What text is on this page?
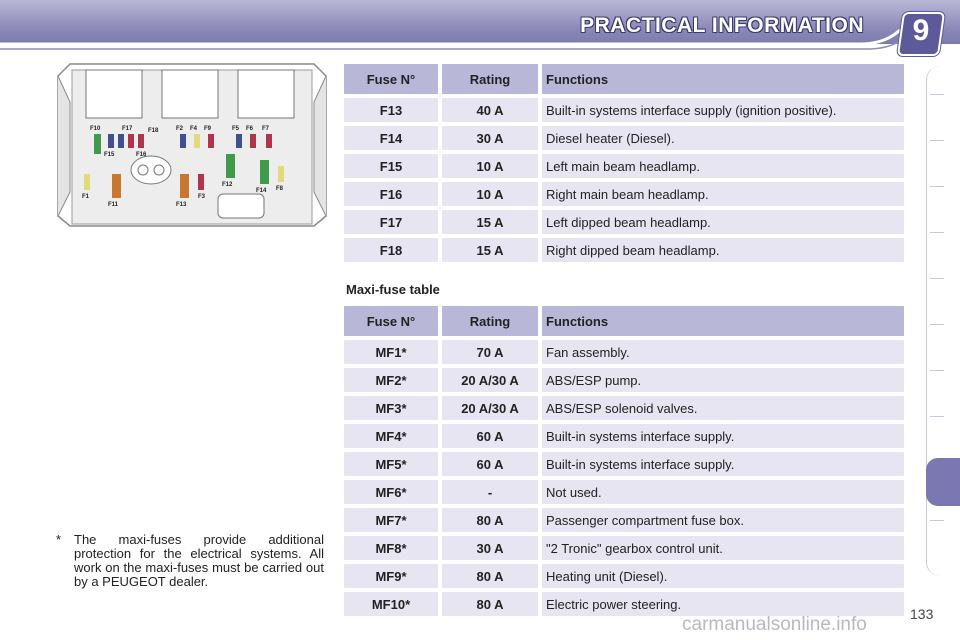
PRACTICAL INFORMATION	9
F10	F17	F18
F15	F16
F2 F4 F9	F5 F6 F7
F1
F11	F13
F3
F12
F14 F8
Fuse N°	Rating	Functions
F13	40 A	Built-in systems interface supply (ignition positive).
F14	30 A	Diesel heater (Diesel).
F15	10 A	Left main beam headlamp.
F16	10 A	Right main beam headlamp.
F17	15 A	Left dipped beam headlamp.
F18	15 A	Right dipped beam headlamp.
Maxi-fuse table
Fuse N°	Rating	Functions
MF1*	70 A	Fan assembly.
MF2*	20 A/30 A	ABS/ESP pump.
MF3*	20 A/30 A	ABS/ESP solenoid valves.
MF4*	60 A	Built-in systems interface supply.
MF5*	60 A	Built-in systems interface supply.
MF6*	-	Not used.
MF7*	80 A	Passenger compartment fuse box.
MF8*	30 A	"2 Tronic" gearbox control unit.
MF9*	80 A	Heating unit (Diesel).
MF10*	80 A	Electric power steering.
* The maxi-fuses provide additional protection for the electrical systems. All work on the maxi-fuses must be carried out by a PEUGEOT dealer.
133
carmanualsonline.info
